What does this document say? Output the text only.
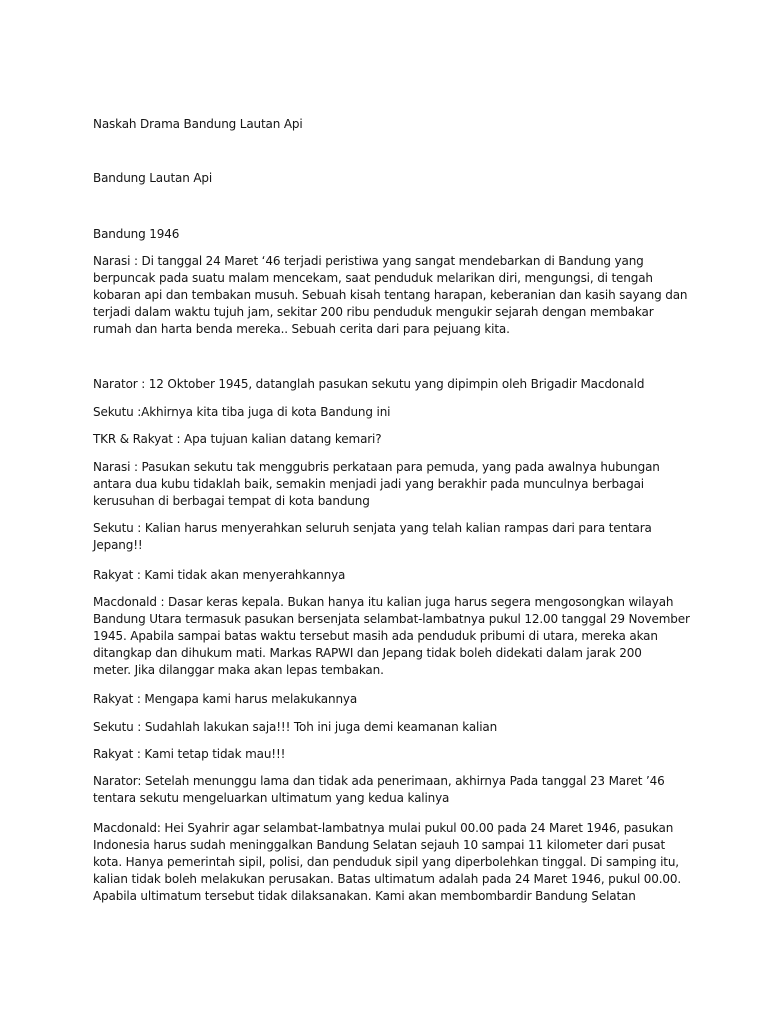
Naskah Drama Bandung Lautan Api

Bandung Lautan Api

Bandung 1946

Narasi : Di tanggal 24 Maret ‘46 terjadi peristiwa yang sangat mendebarkan di Bandung yang
berpuncak pada suatu malam mencekam, saat penduduk melarikan diri, mengungsi, di tengah
kobaran api dan tembakan musuh. Sebuah kisah tentang harapan, keberanian dan kasih sayang dan
terjadi dalam waktu tujuh jam, sekitar 200 ribu penduduk mengukir sejarah dengan membakar
rumah dan harta benda mereka.. Sebuah cerita dari para pejuang kita.
Narator : 12 Oktober 1945, datanglah pasukan sekutu yang dipimpin oleh Brigadir Macdonald
Sekutu :Akhirnya kita tiba juga di kota Bandung ini
TKR & Rakyat : Apa tujuan kalian datang kemari?
Narasi : Pasukan sekutu tak menggubris perkataan para pemuda, yang pada awalnya hubungan
antara dua kubu tidaklah baik, semakin menjadi jadi yang berakhir pada munculnya berbagai
kerusuhan di berbagai tempat di kota bandung
Sekutu : Kalian harus menyerahkan seluruh senjata yang telah kalian rampas dari para tentara
Jepang!!
Rakyat : Kami tidak akan menyerahkannya
Macdonald : Dasar keras kepala. Bukan hanya itu kalian juga harus segera mengosongkan wilayah
Bandung Utara termasuk pasukan bersenjata selambat-lambatnya pukul 12.00 tanggal 29 November
1945. Apabila sampai batas waktu tersebut masih ada penduduk pribumi di utara, mereka akan
ditangkap dan dihukum mati. Markas RAPWI dan Jepang tidak boleh didekati dalam jarak 200
meter. Jika dilanggar maka akan lepas tembakan.
Rakyat : Mengapa kami harus melakukannya
Sekutu : Sudahlah lakukan saja!!! Toh ini juga demi keamanan kalian
Rakyat : Kami tetap tidak mau!!!
Narator: Setelah menunggu lama dan tidak ada penerimaan, akhirnya Pada tanggal 23 Maret ’46
tentara sekutu mengeluarkan ultimatum yang kedua kalinya
Macdonald: Hei Syahrir agar selambat-lambatnya mulai pukul 00.00 pada 24 Maret 1946, pasukan
Indonesia harus sudah meninggalkan Bandung Selatan sejauh 10 sampai 11 kilometer dari pusat
kota. Hanya pemerintah sipil, polisi, dan penduduk sipil yang diperbolehkan tinggal. Di samping itu,
kalian tidak boleh melakukan perusakan. Batas ultimatum adalah pada 24 Maret 1946, pukul 00.00.
Apabila ultimatum tersebut tidak dilaksanakan. Kami akan membombardir Bandung Selatan
